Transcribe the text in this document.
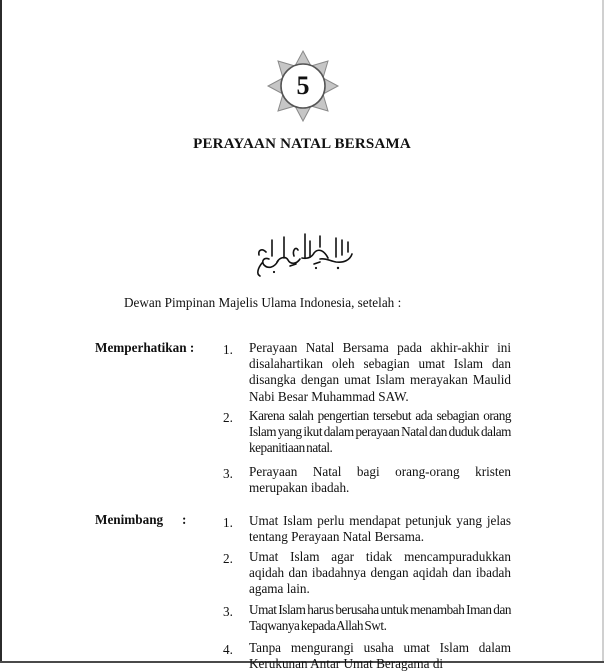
5
PERAYAAN NATAL BERSAMA
Dewan Pimpinan Majelis Ulama Indonesia, setelah :
Memperhatikan : 1. Perayaan Natal Bersama pada akhir-akhir ini disalahartikan oleh sebagian umat Islam dan disangka dengan umat Islam merayakan Maulid Nabi Besar Muhammad SAW.
2. Karena salah pengertian tersebut ada sebagian orang Islam yang ikut dalam perayaan Natal dan duduk dalam kepanitiaan natal.
3. Perayaan Natal bagi orang-orang kristen merupakan ibadah.
Menimbang :	1. Umat Islam perlu mendapat petunjuk yang jelas tentang Perayaan Natal Bersama.
2. Umat Islam agar tidak mencampuradukkan aqidah dan ibadahnya dengan aqidah dan ibadah agama lain.
3. Umat Islam harus berusaha untuk menambah Iman dan Taqwanya kepada Allah Swt.
4. Tanpa mengurangi usaha umat Islam dalam Kerukunan Antar Umat Beragama di
